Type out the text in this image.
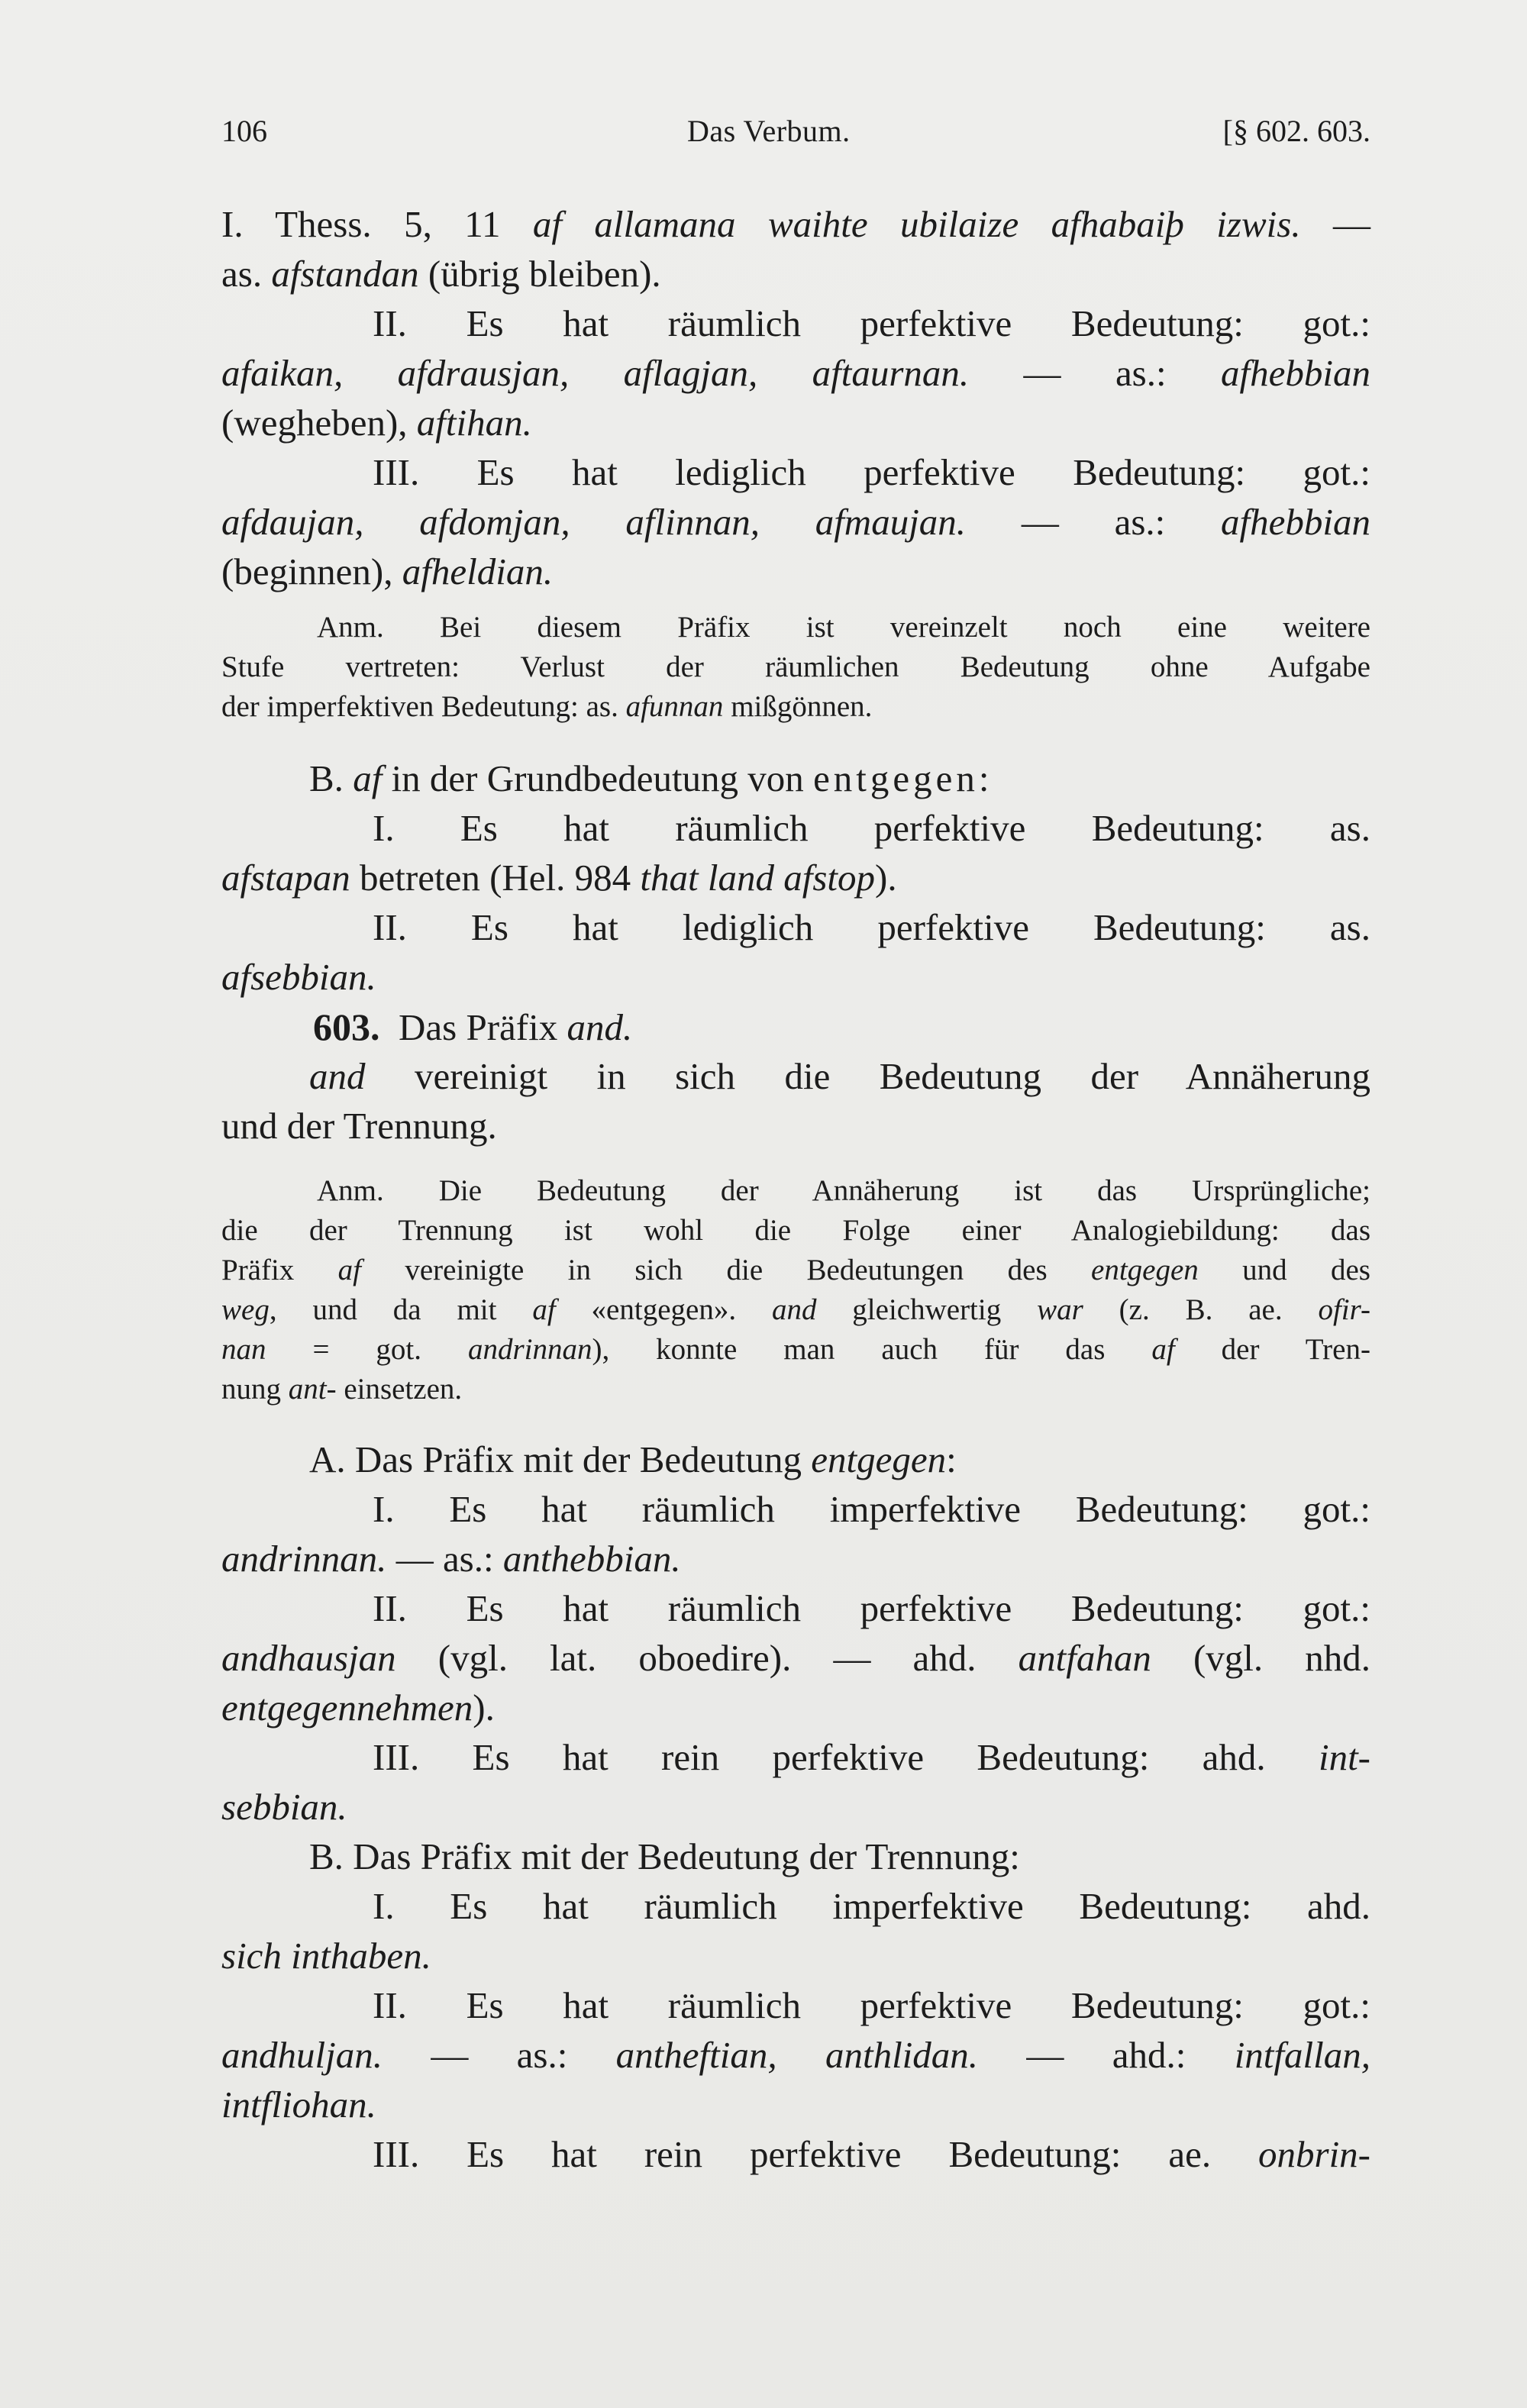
106	Das Verbum.	[§ 602. 603.
I. Thess. 5, 11 af allamana waihte ubilaize afhabaiþ izwis. —
as. afstandan (übrig bleiben).
II. Es hat räumlich perfektive Bedeutung: got.:
afaikan, afdrausjan, aflagjan, aftaurnan. — as.: afhebbian
(wegheben), aftihan.
III. Es hat lediglich perfektive Bedeutung: got.:
afdaujan, afdomjan, aflinnan, afmaujan. — as.: afhebbian
(beginnen), afheldian.
Anm. Bei diesem Präfix ist vereinzelt noch eine weitere
Stufe vertreten: Verlust der räumlichen Bedeutung ohne Aufgabe
der imperfektiven Bedeutung: as. afunnan mißgönnen.
B. af in der Grundbedeutung von entgegen:
I. Es hat räumlich perfektive Bedeutung: as.
afstapan betreten (Hel. 984 that land afstop).
II. Es hat lediglich perfektive Bedeutung: as.
afsebbian.
603. Das Präfix and.
and vereinigt in sich die Bedeutung der Annäherung
und der Trennung.
Anm. Die Bedeutung der Annäherung ist das Ursprüngliche;
die der Trennung ist wohl die Folge einer Analogiebildung: das
Präfix af vereinigte in sich die Bedeutungen des entgegen und des
weg, und da mit af «entgegen». and gleichwertig war (z. B. ae. ofir-
nan = got. andrinnan), konnte man auch für das af der Tren-
nung ant- einsetzen.
A. Das Präfix mit der Bedeutung entgegen:
I. Es hat räumlich imperfektive Bedeutung: got.:
andrinnan. — as.: anthebbian.
II. Es hat räumlich perfektive Bedeutung: got.:
andhausjan (vgl. lat. oboedire). — ahd. antfahan (vgl. nhd.
entgegennehmen).
III. Es hat rein perfektive Bedeutung: ahd. int-
sebbian.
B. Das Präfix mit der Bedeutung der Trennung:
I. Es hat räumlich imperfektive Bedeutung: ahd.
sich inthaben.
II. Es hat räumlich perfektive Bedeutung: got.:
andhuljan. — as.: antheftian, anthlidan. — ahd.: intfallan,
intfliohan.
III. Es hat rein perfektive Bedeutung: ae. onbrin-
